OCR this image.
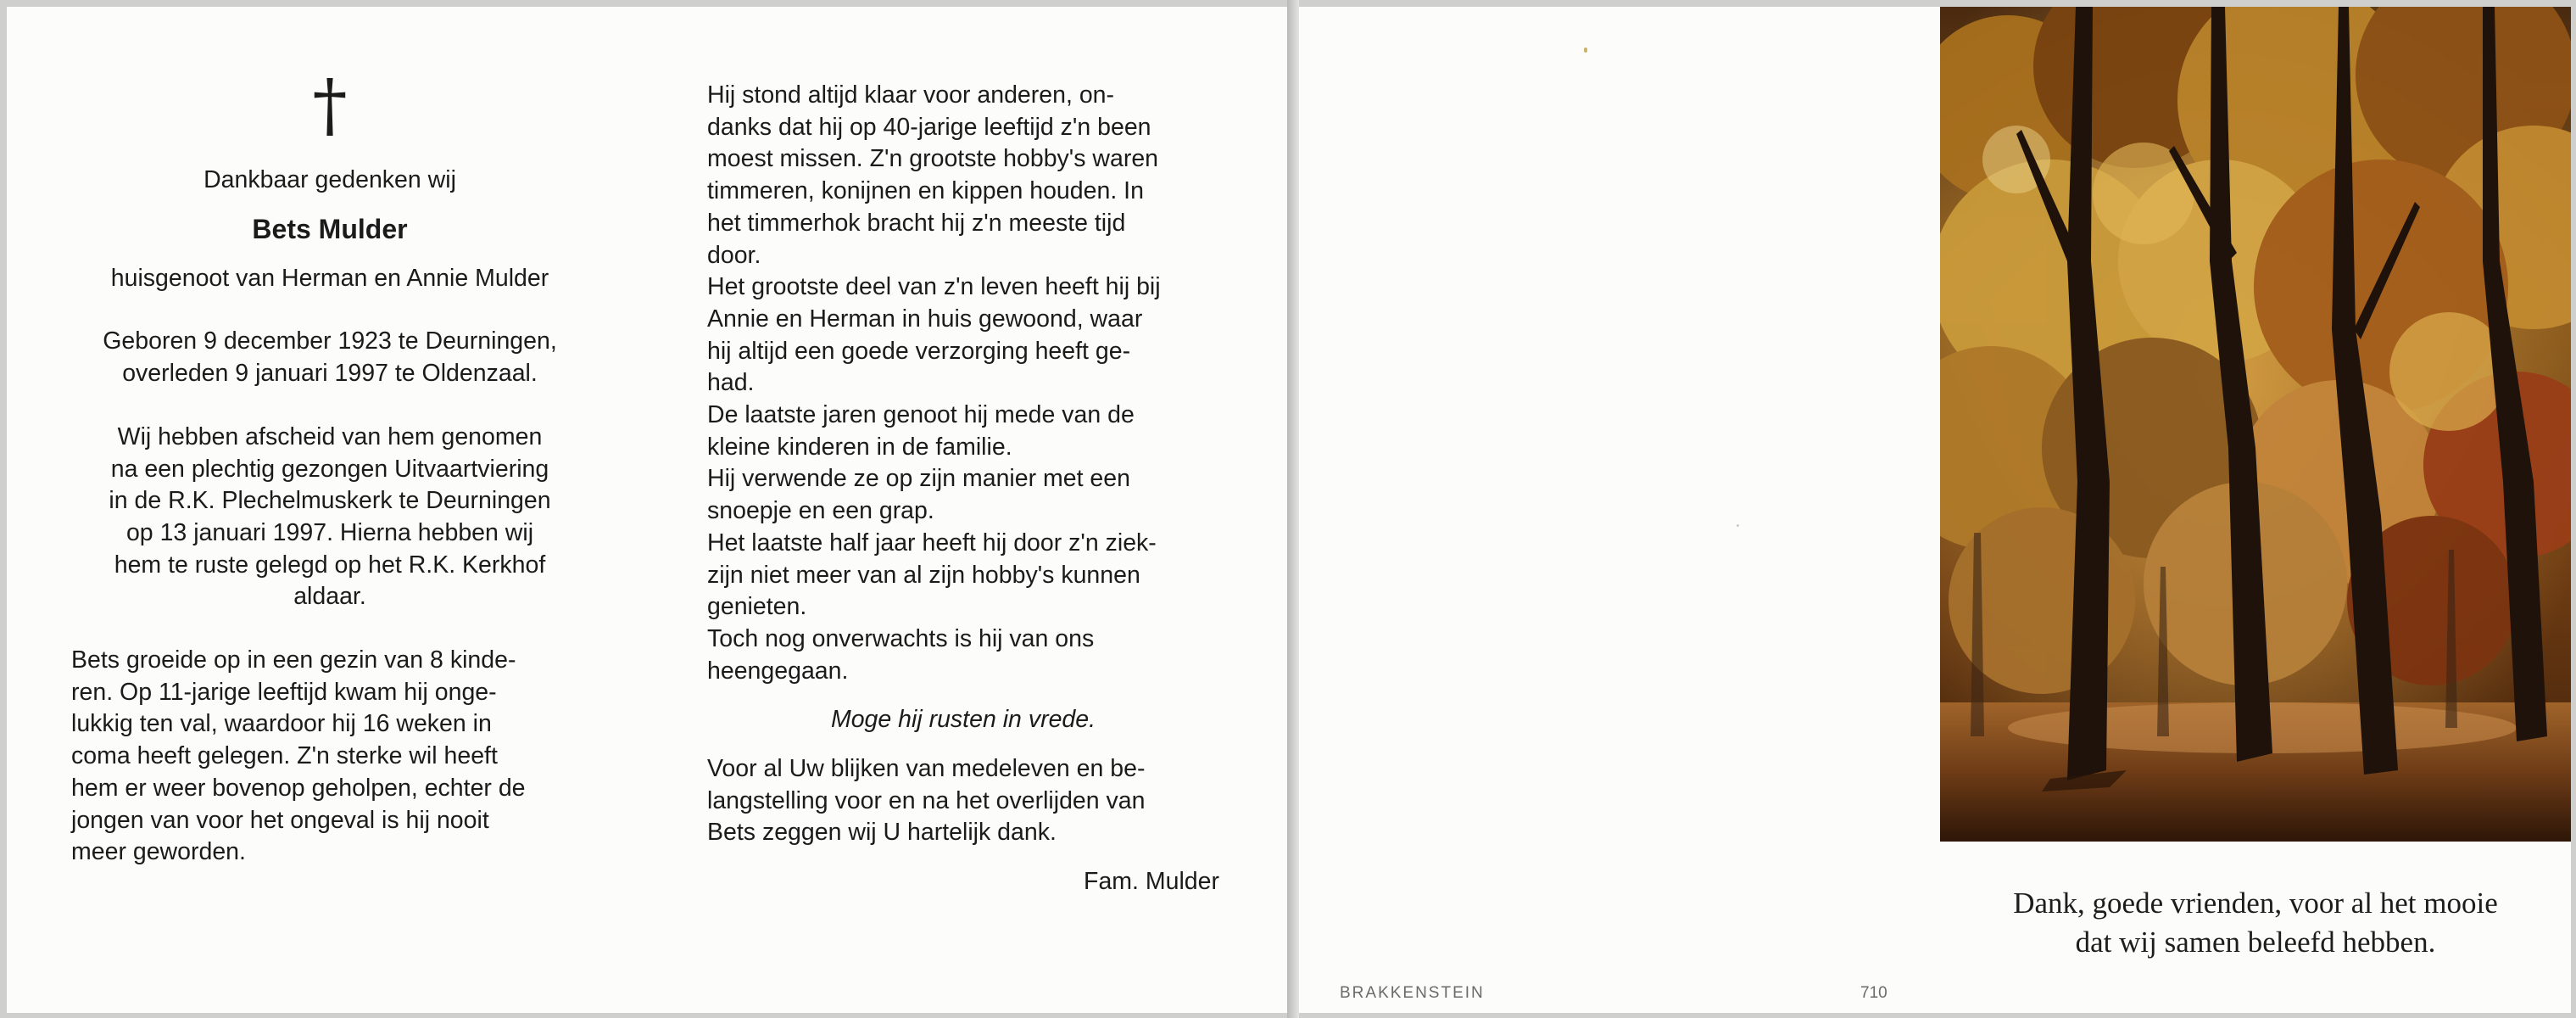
†
Dankbaar gedenken wij
Bets Mulder
huisgenoot van Herman en Annie Mulder
Geboren 9 december 1923 te Deurningen,
overleden 9 januari 1997 te Oldenzaal.
Wij hebben afscheid van hem genomen
na een plechtig gezongen Uitvaartviering
in de R.K. Plechelmuskerk te Deurningen
op 13 januari 1997. Hierna hebben wij
hem te ruste gelegd op het R.K. Kerkhof
aldaar.
Bets groeide op in een gezin van 8 kinde-
ren. Op 11-jarige leeftijd kwam hij onge-
lukkig ten val, waardoor hij 16 weken in
coma heeft gelegen. Z'n sterke wil heeft
hem er weer bovenop geholpen, echter de
jongen van voor het ongeval is hij nooit
meer geworden.
Hij stond altijd klaar voor anderen, on-
danks dat hij op 40-jarige leeftijd z'n been
moest missen. Z'n grootste hobby's waren
timmeren, konijnen en kippen houden. In
het timmerhok bracht hij z'n meeste tijd
door.
Het grootste deel van z'n leven heeft hij bij
Annie en Herman in huis gewoond, waar
hij altijd een goede verzorging heeft ge-
had.
De laatste jaren genoot hij mede van de
kleine kinderen in de familie.
Hij verwende ze op zijn manier met een
snoepje en een grap.
Het laatste half jaar heeft hij door z'n ziek-
zijn niet meer van al zijn hobby's kunnen
genieten.
Toch nog onverwachts is hij van ons
heengegaan.
Moge hij rusten in vrede.
Voor al Uw blijken van medeleven en be-
langstelling voor en na het overlijden van
Bets zeggen wij U hartelijk dank.
Fam. Mulder
BRAKKENSTEIN	710
Dank, goede vrienden, voor al het mooie
dat wij samen beleefd hebben.
